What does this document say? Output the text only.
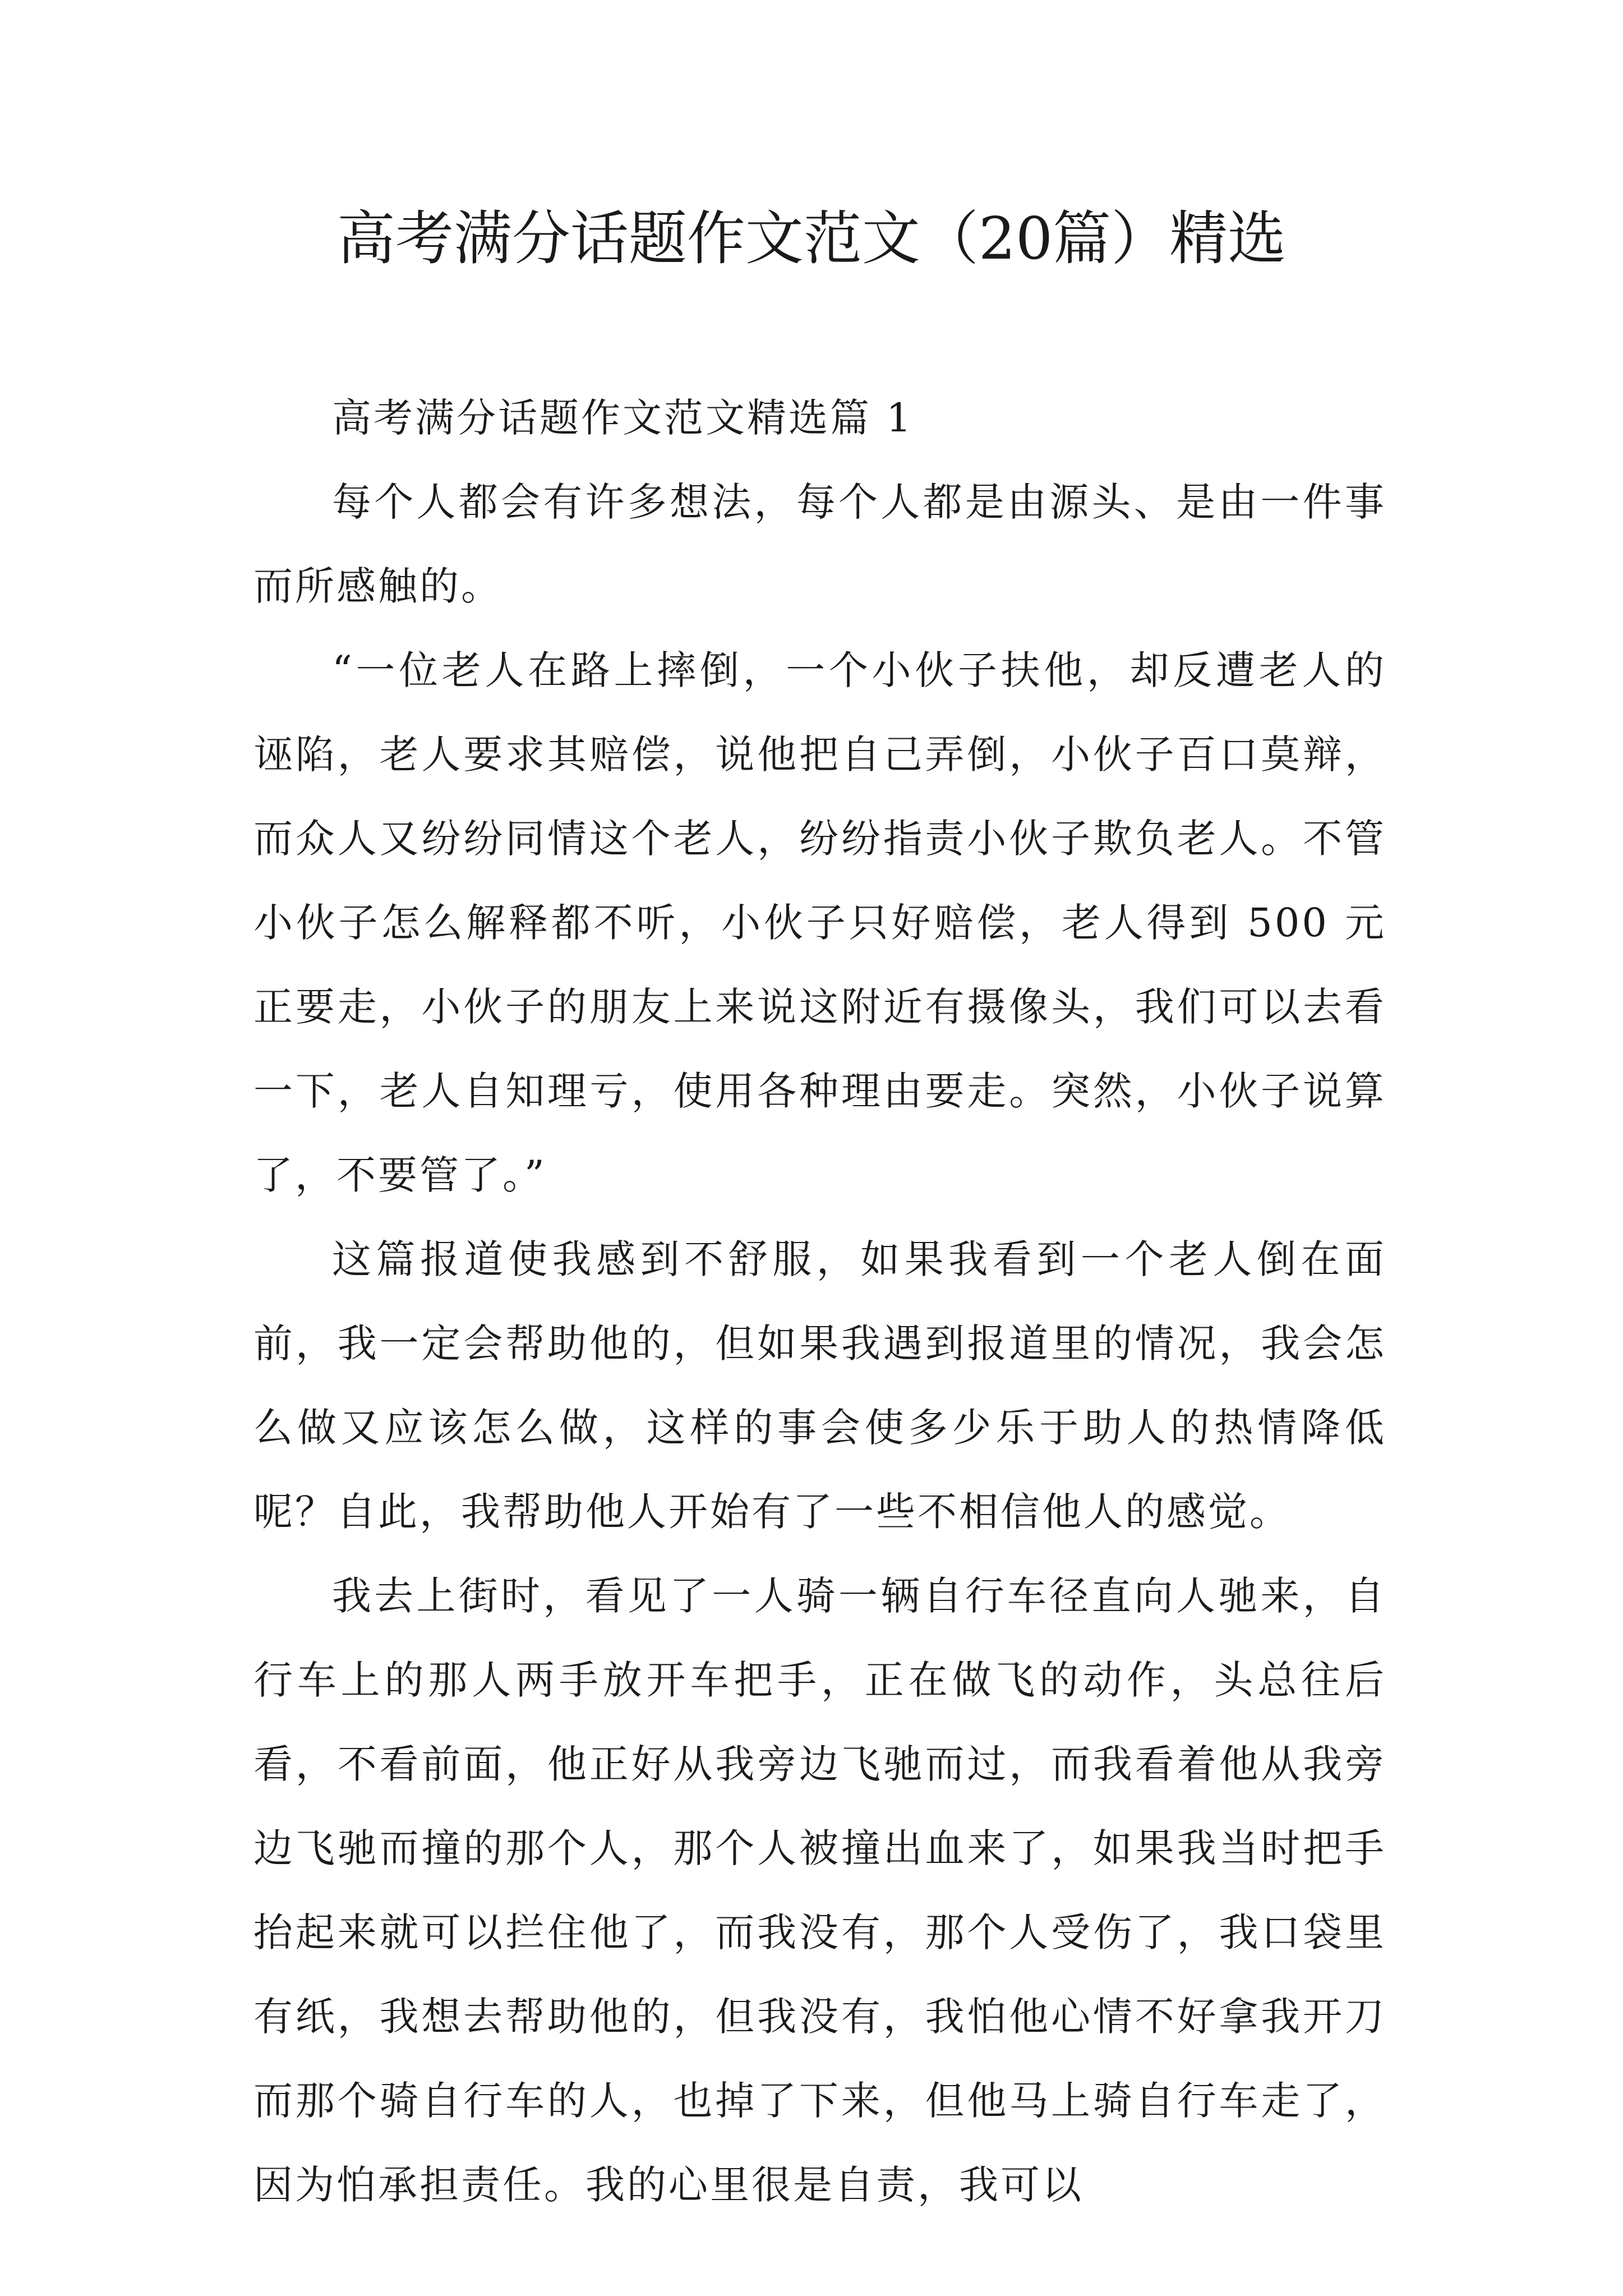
高考满分话题作文范文（20篇）精选

高考满分话题作文范文精选篇 1

每个人都会有许多想法，每个人都是由源头、是由一件事而所感触的。

“一位老人在路上摔倒，一个小伙子扶他，却反遭老人的诬陷，老人要求其赔偿，说他把自己弄倒，小伙子百口莫辩，而众人又纷纷同情这个老人，纷纷指责小伙子欺负老人。不管小伙子怎么解释都不听，小伙子只好赔偿，老人得到 500 元正要走，小伙子的朋友上来说这附近有摄像头，我们可以去看一下，老人自知理亏，使用各种理由要走。突然，小伙子说算了，不要管了。”

这篇报道使我感到不舒服，如果我看到一个老人倒在面前，我一定会帮助他的，但如果我遇到报道里的情况，我会怎么做又应该怎么做，这样的事会使多少乐于助人的热情降低呢？自此，我帮助他人开始有了一些不相信他人的感觉。

我去上街时，看见了一人骑一辆自行车径直向人驰来，自行车上的那人两手放开车把手，正在做飞的动作，头总往后看，不看前面，他正好从我旁边飞驰而过，而我看着他从我旁边飞驰而撞的那个人，那个人被撞出血来了，如果我当时把手抬起来就可以拦住他了，而我没有，那个人受伤了，我口袋里有纸，我想去帮助他的，但我没有，我怕他心情不好拿我开刀而那个骑自行车的人，也掉了下来，但他马上骑自行车走了，因为怕承担责任。我的心里很是自责，我可以
